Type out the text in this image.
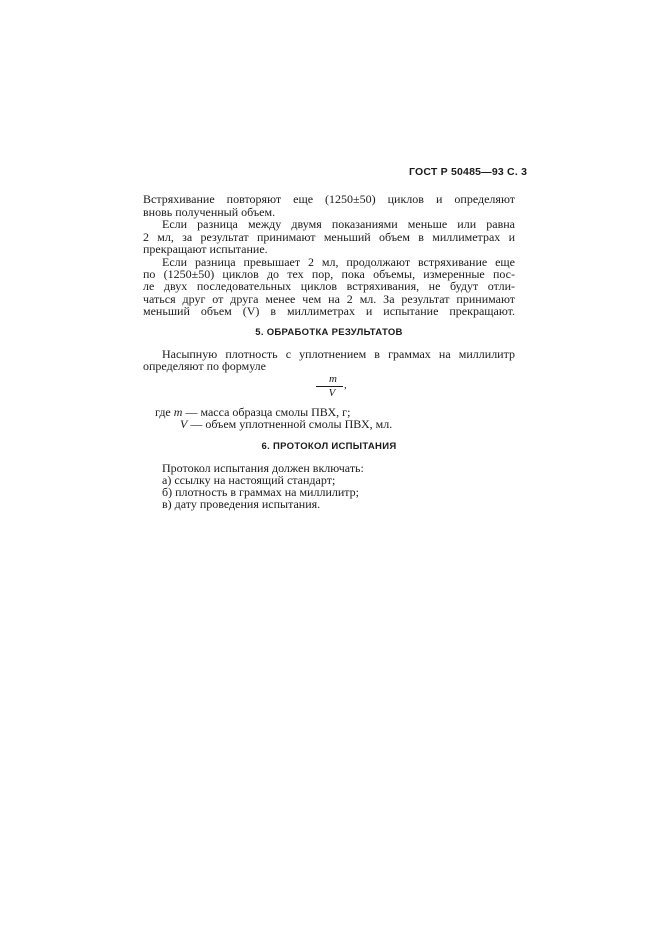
ГОСТ Р 50485—93 С. 3
Встряхивание повторяют еще (1250±50) циклов и определяют
вновь полученный объем.
Если разница между двумя показаниями меньше или равна
2 мл, за результат принимают меньший объем в миллиметрах и
прекращают испытание.
Если разница превышает 2 мл, продолжают встряхивание еще
по (1250±50) циклов до тех пор, пока объемы, измеренные пос-
ле двух последовательных циклов встряхивания, не будут отли-
чаться друг от друга менее чем на 2 мл. За результат принимают
меньший объем (V) в миллиметрах и испытание прекращают.
5. ОБРАБОТКА РЕЗУЛЬТАТОВ
Насыпную плотность с уплотнением в граммах на миллилитр
определяют по формуле
m
V
,
где m — масса образца смолы ПВХ, г;
V — объем уплотненной смолы ПВХ, мл.
6. ПРОТОКОЛ ИСПЫТАНИЯ
Протокол испытания должен включать:
а) ссылку на настоящий стандарт;
б) плотность в граммах на миллилитр;
в) дату проведения испытания.
